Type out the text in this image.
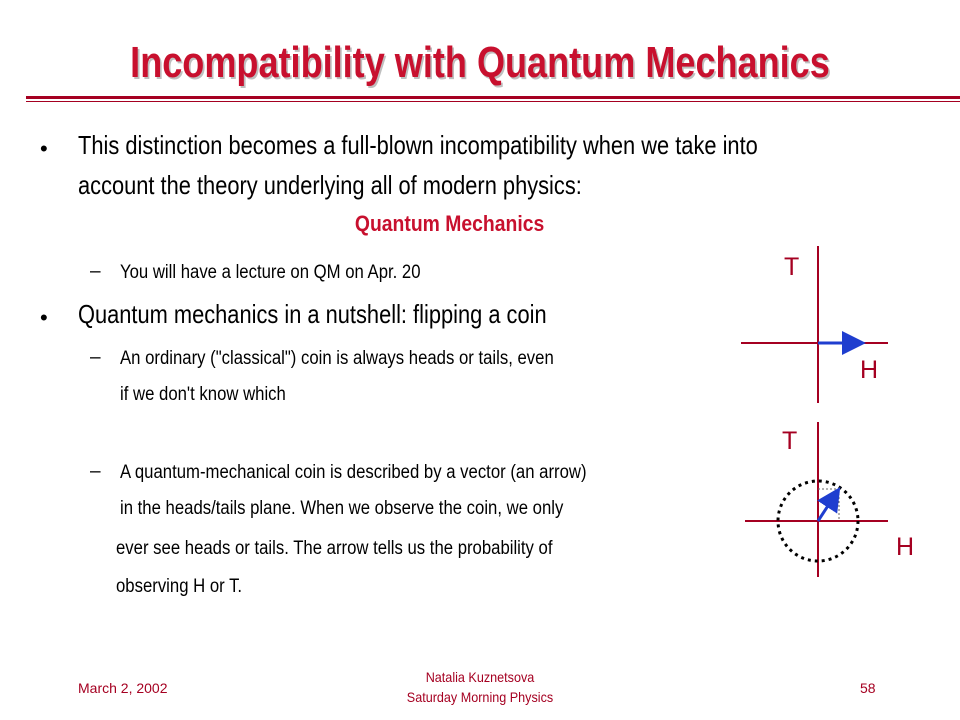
Incompatibility with Quantum Mechanics
• This distinction becomes a full-blown incompatibility when we take into
account the theory underlying all of modern physics:
Quantum Mechanics
– You will have a lecture on QM on Apr. 20
• Quantum mechanics in a nutshell: flipping a coin
– An ordinary ("classical") coin is always heads or tails, even
if we don't know which
– A quantum-mechanical coin is described by a vector (an arrow)
in the heads/tails plane. When we observe the coin, we only
ever see heads or tails. The arrow tells us the probability of
observing H or T.
T
H
T
H
March 2, 2002
Natalia Kuznetsova
Saturday Morning Physics
58
